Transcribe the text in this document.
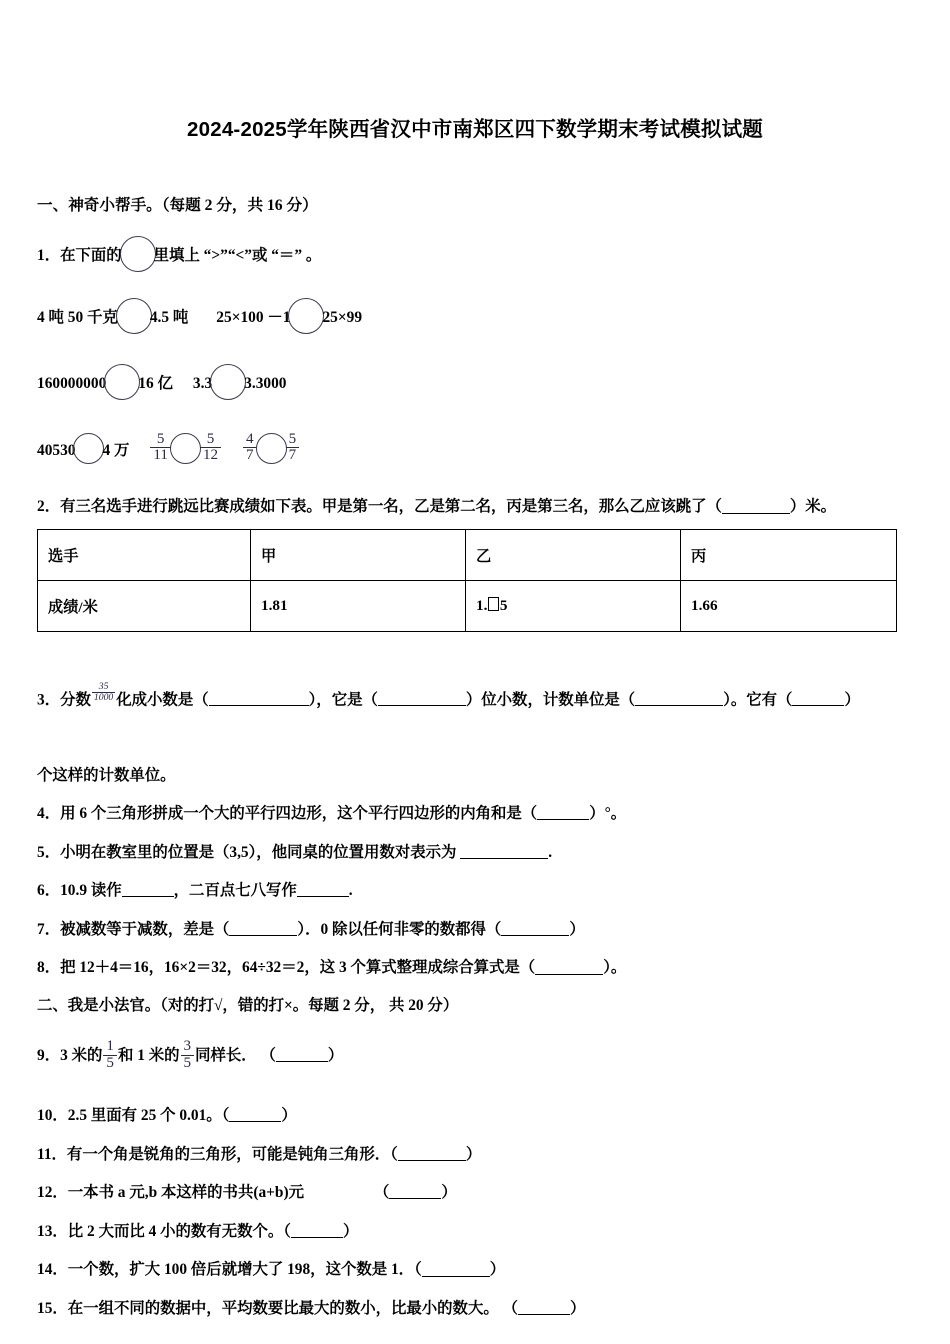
2024-2025学年陕西省汉中市南郑区四下数学期末考试模拟试题
一、神奇小帮手。（每题 2 分，共 16 分）
1．在下面的 里填上 “>”“<”或 “＝” 。
4 吨 50 千克 4.5 吨 25×100 －1 25×99
160000000 16 亿 3.3 3.3000
40530 4 万 $\frac{5}{11} \frac{5}{12} \frac{4}{7} \frac{5}{7}$
2．有三名选手进行跳远比赛成绩如下表。甲是第一名，乙是第二名，丙是第三名，那么乙应该跳了（	）米。
选手	甲	乙	丙
成绩/米	1.81	1. 5	1.66
3．分数 $\frac{35}{1000}$ 化成小数是（	），它是（	）位小数，计数单位是（	）。它有（	）
个这样的计数单位。
4．用 6 个三角形拼成一个大的平行四边形，这个平行四边形的内角和是（	）°。
5．小明在教室里的位置是（3,5），他同桌的位置用数对表示为	.
6．10.9 读作	，二百点七八写作	.
7．被减数等于减数，差是（	）．0 除以任何非零的数都得（	）
8．把 12＋4＝16，16×2＝32，64÷32＝2，这 3 个算式整理成综合算式是（	）。
二、我是小法官。（对的打√，错的打×。每题 2 分， 共 20 分）
9．3 米的 $\frac{1}{5}$ 和 1 米的 $\frac{3}{5}$ 同样长． （	）
10．2.5 里面有 25 个 0.01。（	）
11．有一个角是锐角的三角形，可能是钝角三角形．（	）
12．一本书 a 元,b 本这样的书共(a+b)元	（	）
13．比 2 大而比 4 小的数有无数个。（	）
14．一个数，扩大 100 倍后就增大了 198，这个数是 1．（	）
15．在一组不同的数据中，平均数要比最大的数小，比最小的数大。 （	）
